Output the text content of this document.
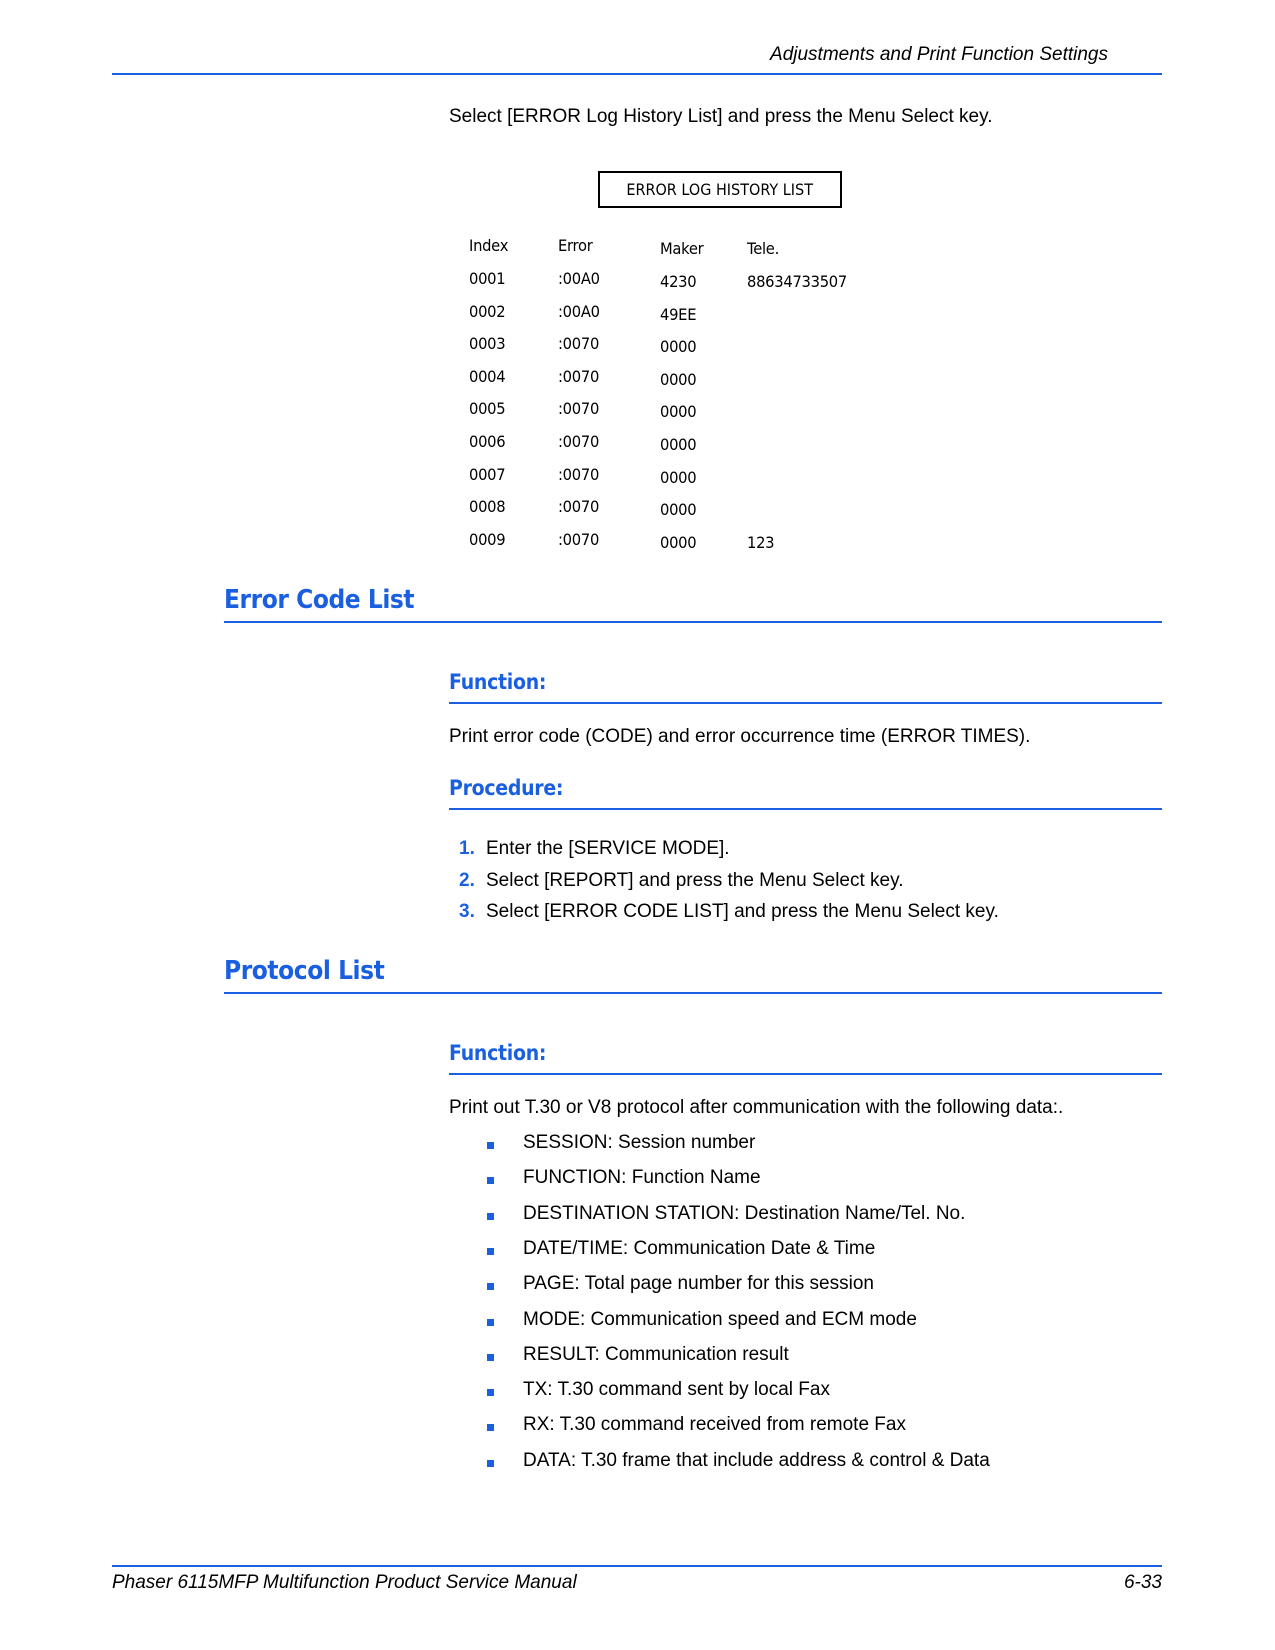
Adjustments and Print Function Settings
Select [ERROR Log History List] and press the Menu Select key.
ERROR LOG HISTORY LIST
Index	Error	Maker	Tele.
0001	:00A0	4230	88634733507
0002	:00A0	49EE
0003	:0070	0000
0004	:0070	0000
0005	:0070	0000
0006	:0070	0000
0007	:0070	0000
0008	:0070	0000
0009	:0070	0000	123
Error Code List
Function:
Print error code (CODE) and error occurrence time (ERROR TIMES).
Procedure:
1. Enter the [SERVICE MODE].
2. Select [REPORT] and press the Menu Select key.
3. Select [ERROR CODE LIST] and press the Menu Select key.
Protocol List
Function:
Print out T.30 or V8 protocol after communication with the following data:.
SESSION: Session number
FUNCTION: Function Name
DESTINATION STATION: Destination Name/Tel. No.
DATE/TIME: Communication Date & Time
PAGE: Total page number for this session
MODE: Communication speed and ECM mode
RESULT: Communication result
TX: T.30 command sent by local Fax
RX: T.30 command received from remote Fax
DATA: T.30 frame that include address & control & Data
Phaser 6115MFP Multifunction Product Service Manual	6-33
